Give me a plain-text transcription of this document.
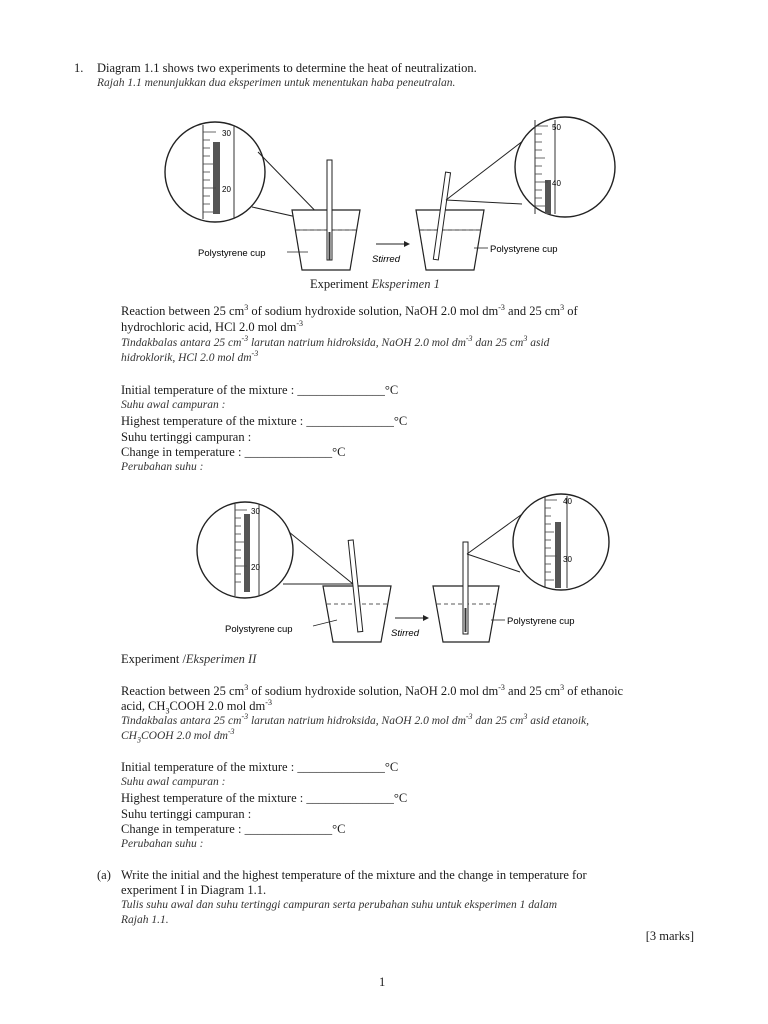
1. Diagram 1.1 shows two experiments to determine the heat of neutralization.
Rajah 1.1 menunjukkan dua eksperimen untuk menentukan haba peneutralan.
30
20
Polystyrene cup
Stirred
Polystyrene cup
50
40
Experiment Eksperimen 1
Reaction between 25 $cm^3$ of sodium hydroxide solution, NaOH 2.0 mol $dm^{-3}$ and 25 $cm^3$ of
hydrochloric acid, HCl 2.0 mol $dm^{-3}$
Tindakbalas antara 25 $cm^{-3}$ larutan natrium hidroksida, NaOH 2.0 mol $dm^{-3}$ dan 25 $cm^3$ asid
hidroklorik, HCl 2.0 mol $dm^{-3}$
Initial temperature of the mixture : ______________°C
Suhu awal campuran :
Highest temperature of the mixture : ______________°C
Suhu tertinggi campuran :
Change in temperature : ______________°C
Perubahan suhu :
30
20
Polystyrene cup	Stirred
Polystyrene cup
40
30
Experiment /Eksperimen II
Reaction between 25 $cm^3$ of sodium hydroxide solution, NaOH 2.0 mol $dm^{-3}$ and 25 $cm^3$ of ethanoic
acid, $CH_3COOH$ 2.0 mol $dm^{-3}$
Tindakbalas antara 25 $cm^{-3}$ larutan natrium hidroksida, NaOH 2.0 mol $dm^{-3}$ dan 25 $cm^3$ asid etanoik,
$CH_3COOH$ 2.0 mol $dm^{-3}$
Initial temperature of the mixture : ______________°C
Suhu awal campuran :
Highest temperature of the mixture : ______________°C
Suhu tertinggi campuran :
Change in temperature : ______________°C
Perubahan suhu :
(a) Write the initial and the highest temperature of the mixture and the change in temperature for
experiment I in Diagram 1.1.
Tulis suhu awal dan suhu tertinggi campuran serta perubahan suhu untuk eksperimen 1 dalam
Rajah 1.1.
[3 marks]
1
